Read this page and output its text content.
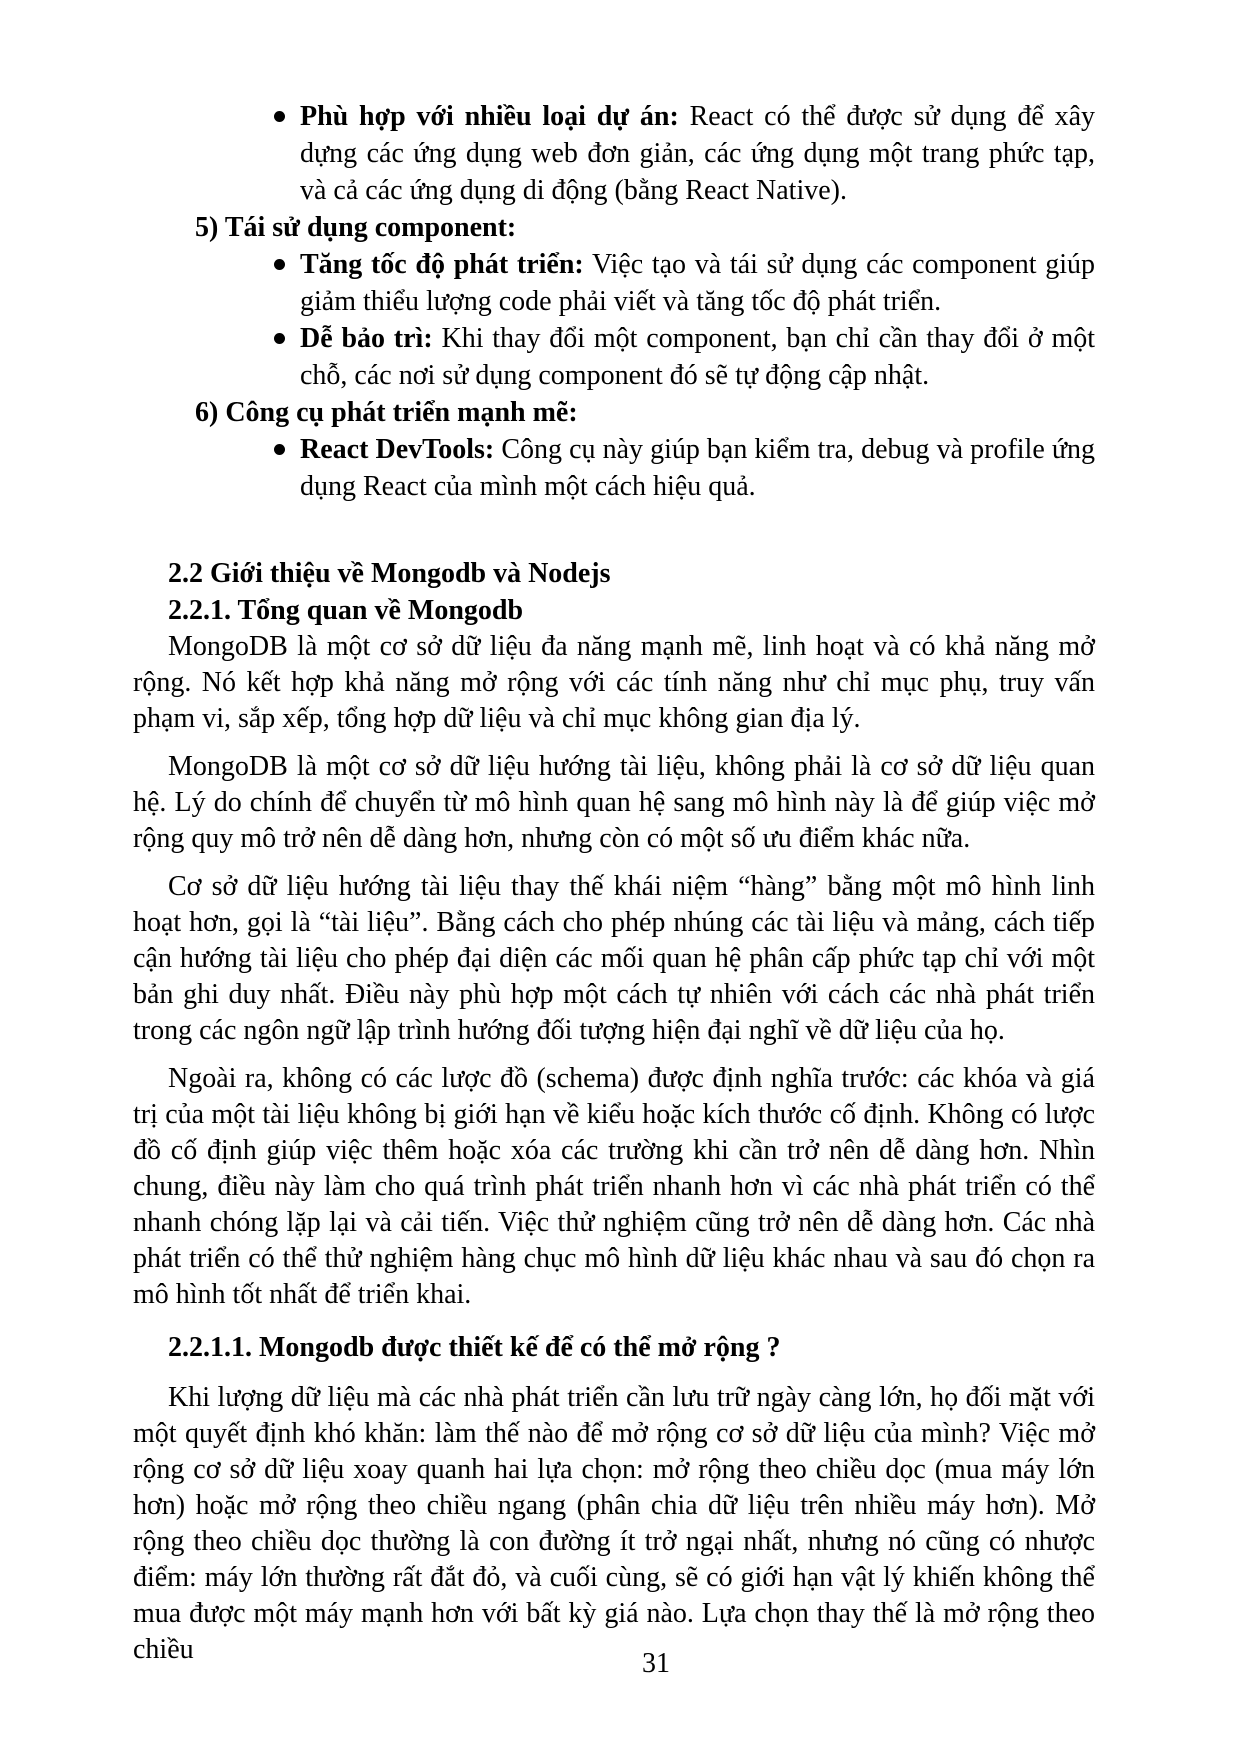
Phù hợp với nhiều loại dự án: React có thể được sử dụng để xây dựng các ứng dụng web đơn giản, các ứng dụng một trang phức tạp, và cả các ứng dụng di động (bằng React Native).
5) Tái sử dụng component:
Tăng tốc độ phát triển: Việc tạo và tái sử dụng các component giúp giảm thiểu lượng code phải viết và tăng tốc độ phát triển.
Dễ bảo trì: Khi thay đổi một component, bạn chỉ cần thay đổi ở một chỗ, các nơi sử dụng component đó sẽ tự động cập nhật.
6) Công cụ phát triển mạnh mẽ:
React DevTools: Công cụ này giúp bạn kiểm tra, debug và profile ứng dụng React của mình một cách hiệu quả.
2.2 Giới thiệu về Mongodb và Nodejs
2.2.1. Tổng quan về Mongodb

MongoDB là một cơ sở dữ liệu đa năng mạnh mẽ, linh hoạt và có khả năng mở rộng. Nó kết hợp khả năng mở rộng với các tính năng như chỉ mục phụ, truy vấn phạm vi, sắp xếp, tổng hợp dữ liệu và chỉ mục không gian địa lý.

MongoDB là một cơ sở dữ liệu hướng tài liệu, không phải là cơ sở dữ liệu quan hệ. Lý do chính để chuyển từ mô hình quan hệ sang mô hình này là để giúp việc mở rộng quy mô trở nên dễ dàng hơn, nhưng còn có một số ưu điểm khác nữa.

Cơ sở dữ liệu hướng tài liệu thay thế khái niệm “hàng” bằng một mô hình linh hoạt hơn, gọi là “tài liệu”. Bằng cách cho phép nhúng các tài liệu và mảng, cách tiếp cận hướng tài liệu cho phép đại diện các mối quan hệ phân cấp phức tạp chỉ với một bản ghi duy nhất. Điều này phù hợp một cách tự nhiên với cách các nhà phát triển trong các ngôn ngữ lập trình hướng đối tượng hiện đại nghĩ về dữ liệu của họ.

Ngoài ra, không có các lược đồ (schema) được định nghĩa trước: các khóa và giá trị của một tài liệu không bị giới hạn về kiểu hoặc kích thước cố định. Không có lược đồ cố định giúp việc thêm hoặc xóa các trường khi cần trở nên dễ dàng hơn. Nhìn chung, điều này làm cho quá trình phát triển nhanh hơn vì các nhà phát triển có thể nhanh chóng lặp lại và cải tiến. Việc thử nghiệm cũng trở nên dễ dàng hơn. Các nhà phát triển có thể thử nghiệm hàng chục mô hình dữ liệu khác nhau và sau đó chọn ra mô hình tốt nhất để triển khai.

2.2.1.1. Mongodb được thiết kế để có thể mở rộng ?

Khi lượng dữ liệu mà các nhà phát triển cần lưu trữ ngày càng lớn, họ đối mặt với một quyết định khó khăn: làm thế nào để mở rộng cơ sở dữ liệu của mình? Việc mở rộng cơ sở dữ liệu xoay quanh hai lựa chọn: mở rộng theo chiều dọc (mua máy lớn hơn) hoặc mở rộng theo chiều ngang (phân chia dữ liệu trên nhiều máy hơn). Mở rộng theo chiều dọc thường là con đường ít trở ngại nhất, nhưng nó cũng có nhược điểm: máy lớn thường rất đắt đỏ, và cuối cùng, sẽ có giới hạn vật lý khiến không thể mua được một máy mạnh hơn với bất kỳ giá nào. Lựa chọn thay thế là mở rộng theo chiều	31
